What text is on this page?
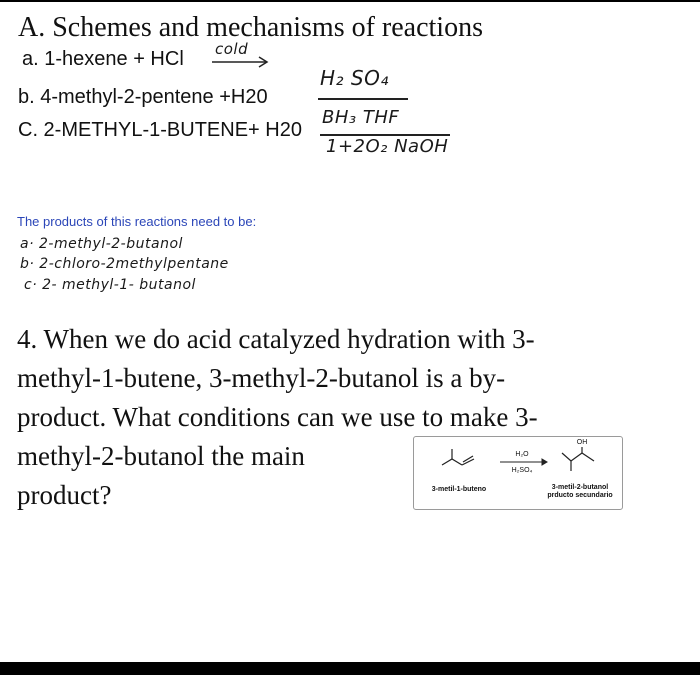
A. Schemes and mechanisms of reactions
a. 1-hexene + HCl cold
b. 4-methyl-2-pentene +H20
H₂ SO₄
C. 2-METHYL-1-BUTENE+ H20
BH₃ THF
1+2O₂ NaOH
The products of this reactions need to be:
a· 2-methyl-2-butanol
b· 2-chloro-2methylpentane
c· 2- methyl-1- butanol
4. When we do acid catalyzed hydration with 3-
methyl-1-butene, 3-methyl-2-butanol is a by-
product. What conditions can we use to make 3-
methyl-2-butanol the main
product?	3-metil-1-buteno
H₂O
H₂SO₄
OH
3-metil-2-butanol
prducto secundario
